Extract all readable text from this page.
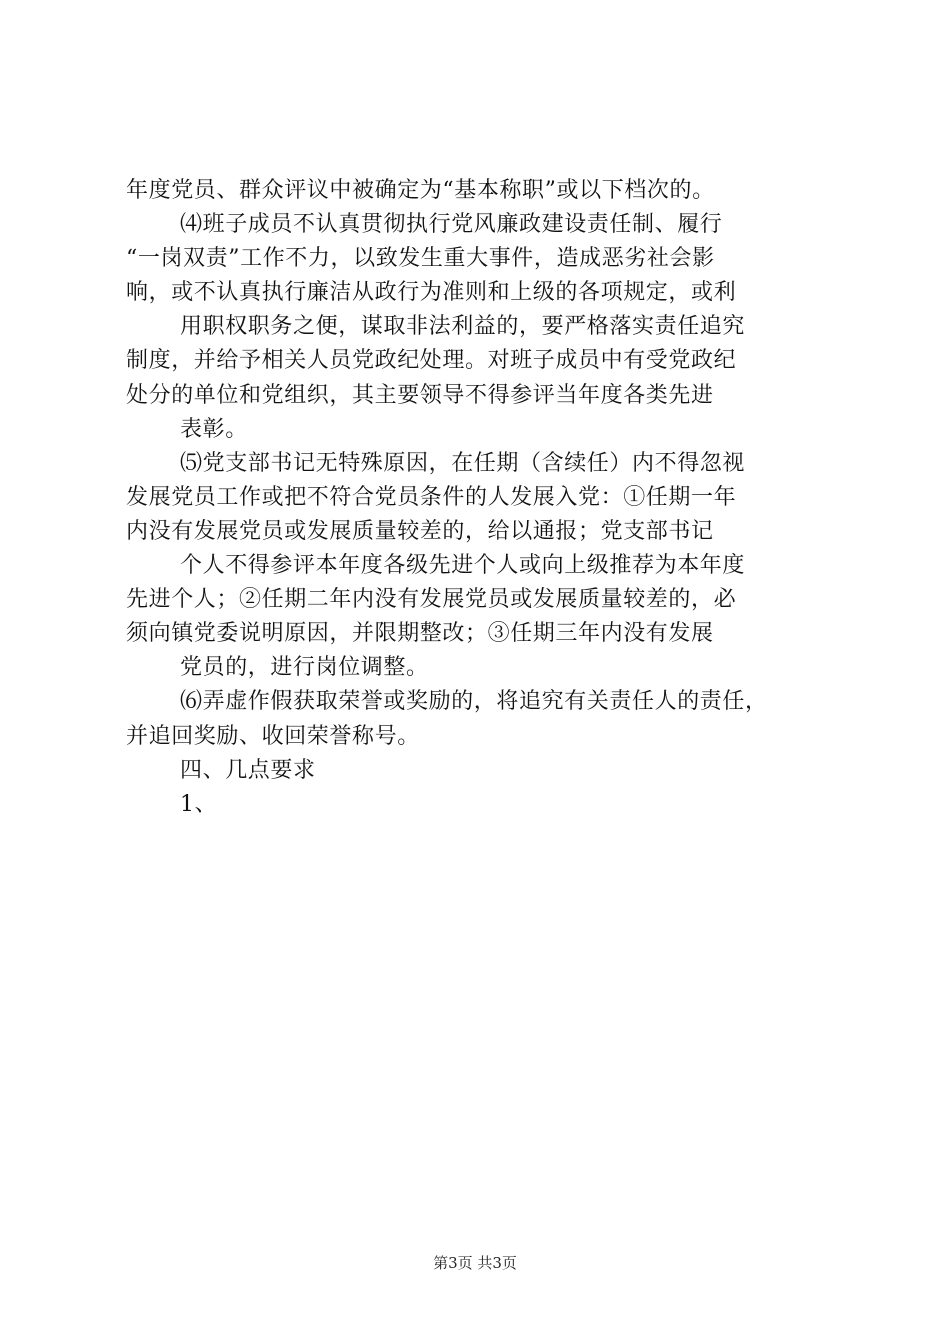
年度党员、群众评议中被确定为“基本称职”或以下档次的。
⑷班子成员不认真贯彻执行党风廉政建设责任制、履行
“一岗双责”工作不力，以致发生重大事件，造成恶劣社会影
响，或不认真执行廉洁从政行为准则和上级的各项规定，或利
用职权职务之便，谋取非法利益的，要严格落实责任追究
制度，并给予相关人员党政纪处理。对班子成员中有受党政纪
处分的单位和党组织，其主要领导不得参评当年度各类先进
表彰。
⑸党支部书记无特殊原因，在任期（含续任）内不得忽视
发展党员工作或把不符合党员条件的人发展入党：①任期一年
内没有发展党员或发展质量较差的，给以通报；党支部书记
个人不得参评本年度各级先进个人或向上级推荐为本年度
先进个人；②任期二年内没有发展党员或发展质量较差的，必
须向镇党委说明原因，并限期整改；③任期三年内没有发展
党员的，进行岗位调整。
⑹弄虚作假获取荣誉或奖励的，将追究有关责任人的责任，
并追回奖励、收回荣誉称号。
四、几点要求
1、
第3页 共3页
